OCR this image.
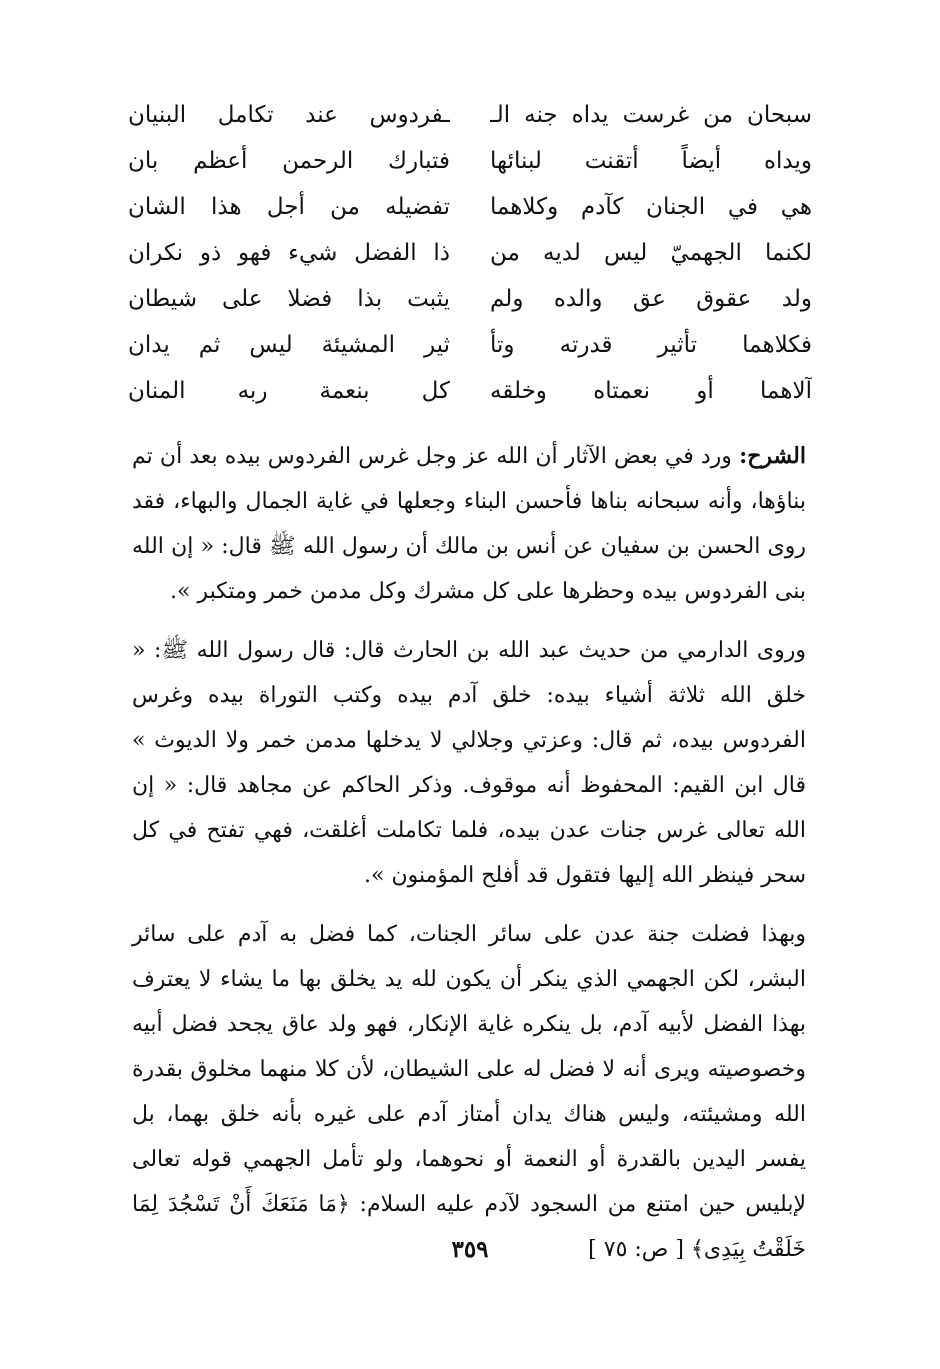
سبحان من غرست يداه جنه الـ
ـفردوس عند تكامل البنيان
ويداه أيضاً أتقنت لبنائها
فتبارك الرحمن أعظم بان
هي في الجنان كآدم وكلاهما
تفضيله من أجل هذا الشان
لكنما الجهميّ ليس لديه من
ذا الفضل شيء فهو ذو نكران
ولد عقوق عق والده ولم
يثبت بذا فضلا على شيطان
فكلاهما تأثير قدرته وتأ
ثير المشيئة ليس ثم يدان
آلاهما أو نعمتاه وخلقه
كل بنعمة ربه المنان

الشرح: ورد في بعض الآثار أن الله عز وجل غرس الفردوس بيده بعد أن تم بناؤها، وأنه سبحانه بناها فأحسن البناء وجعلها في غاية الجمال والبهاء، فقد روى الحسن بن سفيان عن أنس بن مالك أن رسول الله ﷺ قال: « إن الله بنى الفردوس بيده وحظرها على كل مشرك وكل مدمن خمر ومتكبر ».

وروى الدارمي من حديث عبد الله بن الحارث قال: قال رسول الله ﷺ: « خلق الله ثلاثة أشياء بيده: خلق آدم بيده وكتب التوراة بيده وغرس الفردوس بيده، ثم قال: وعزتي وجلالي لا يدخلها مدمن خمر ولا الديوث » قال ابن القيم: المحفوظ أنه موقوف. وذكر الحاكم عن مجاهد قال: « إن الله تعالى غرس جنات عدن بيده، فلما تكاملت أغلقت، فهي تفتح في كل سحر فينظر الله إليها فتقول قد أفلح المؤمنون ».

وبهذا فضلت جنة عدن على سائر الجنات، كما فضل به آدم على سائر البشر، لكن الجهمي الذي ينكر أن يكون لله يد يخلق بها ما يشاء لا يعترف بهذا الفضل لأبيه آدم، بل ينكره غاية الإنكار، فهو ولد عاق يجحد فضل أبيه وخصوصيته ويرى أنه لا فضل له على الشيطان، لأن كلا منهما مخلوق بقدرة الله ومشيئته، وليس هناك يدان أمتاز آدم على غيره بأنه خلق بهما، بل يفسر اليدين بالقدرة أو النعمة أو نحوهما، ولو تأمل الجهمي قوله تعالى لإبليس حين امتنع من السجود لآدم عليه السلام: ﴿مَا مَنَعَكَ أَنْ تَسْجُدَ لِمَا خَلَقْتُ بِيَدِى﴾ [ ص: ٧٥ ]

٣٥٩
